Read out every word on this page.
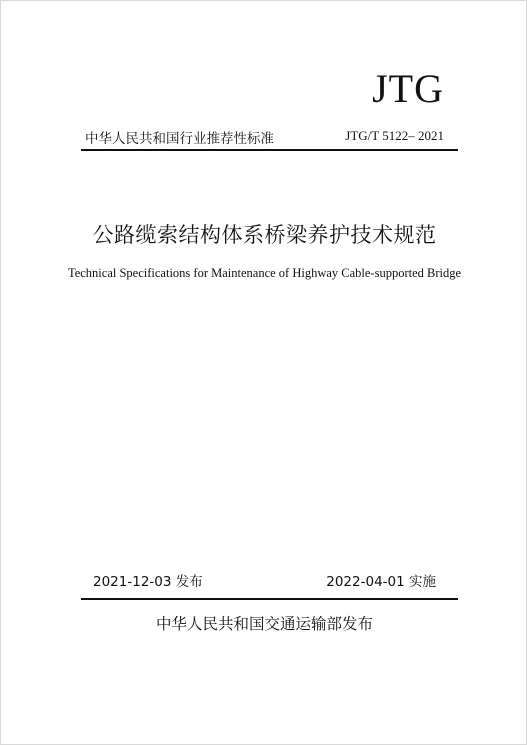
JTG
中华人民共和国行业推荐性标准	JTG/T 5122– 2021
公路缆索结构体系桥梁养护技术规范
Technical Specifications for Maintenance of Highway Cable-supported Bridge
2021-12-03 发布	2022-04-01 实施
中华人民共和国交通运输部发布
